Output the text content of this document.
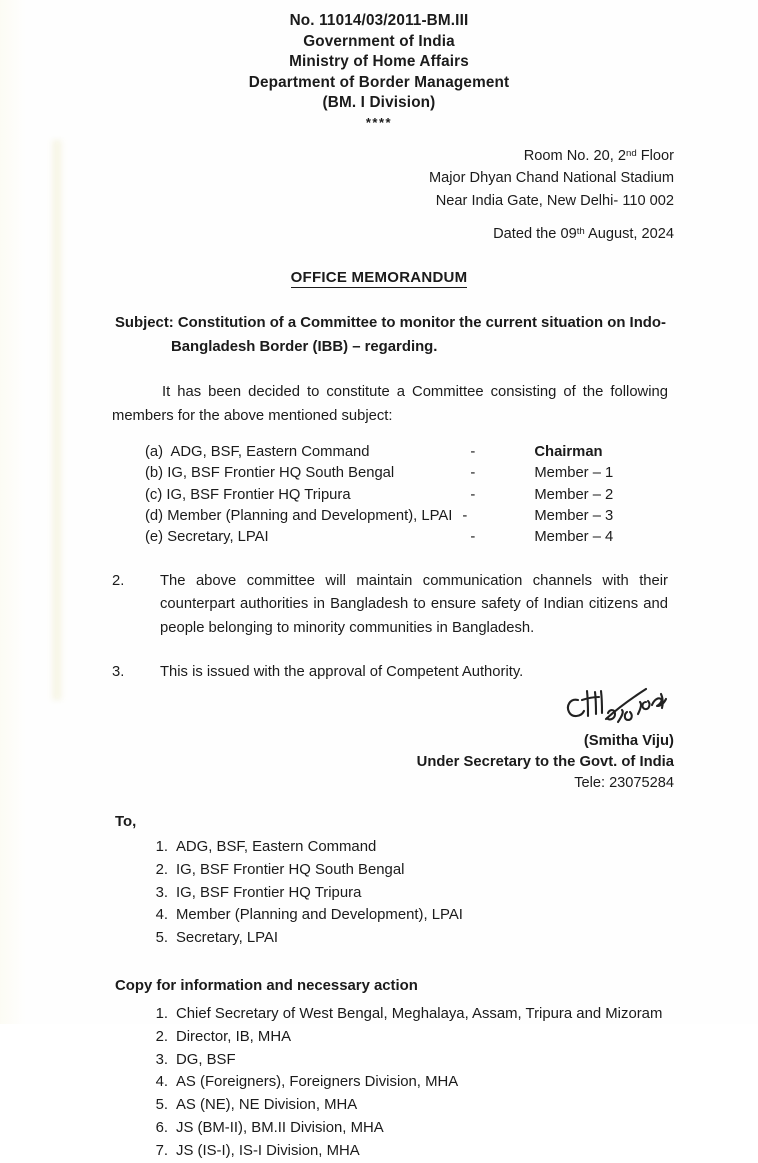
No. 11014/03/2011-BM.III
Government of India
Ministry of Home Affairs
Department of Border Management
(BM. I Division)
****
Room No. 20, 2nd Floor
Major Dhyan Chand National Stadium
Near India Gate, New Delhi- 110 002
Dated the 09th August, 2024
OFFICE MEMORANDUM
Subject: Constitution of a Committee to monitor the current situation on Indo-Bangladesh Border (IBB) – regarding.
It has been decided to constitute a Committee consisting of the following members for the above mentioned subject:
(a) ADG, BSF, Eastern Command	-	Chairman
(b) IG, BSF Frontier HQ South Bengal	-	Member – 1
(c) IG, BSF Frontier HQ Tripura	-	Member – 2
(d) Member (Planning and Development), LPAI	-	Member – 3
(e) Secretary, LPAI	-	Member – 4
2. The above committee will maintain communication channels with their counterpart authorities in Bangladesh to ensure safety of Indian citizens and people belonging to minority communities in Bangladesh.
3. This is issued with the approval of Competent Authority.
(Smitha Viju)
Under Secretary to the Govt. of India
Tele: 23075284
To,
ADG, BSF, Eastern Command
IG, BSF Frontier HQ South Bengal
IG, BSF Frontier HQ Tripura
Member (Planning and Development), LPAI
Secretary, LPAI
Copy for information and necessary action
Chief Secretary of West Bengal, Meghalaya, Assam, Tripura and Mizoram
Director, IB, MHA
DG, BSF
AS (Foreigners), Foreigners Division, MHA
AS (NE), NE Division, MHA
JS (BM-II), BM.II Division, MHA
JS (IS-I), IS-I Division, MHA
